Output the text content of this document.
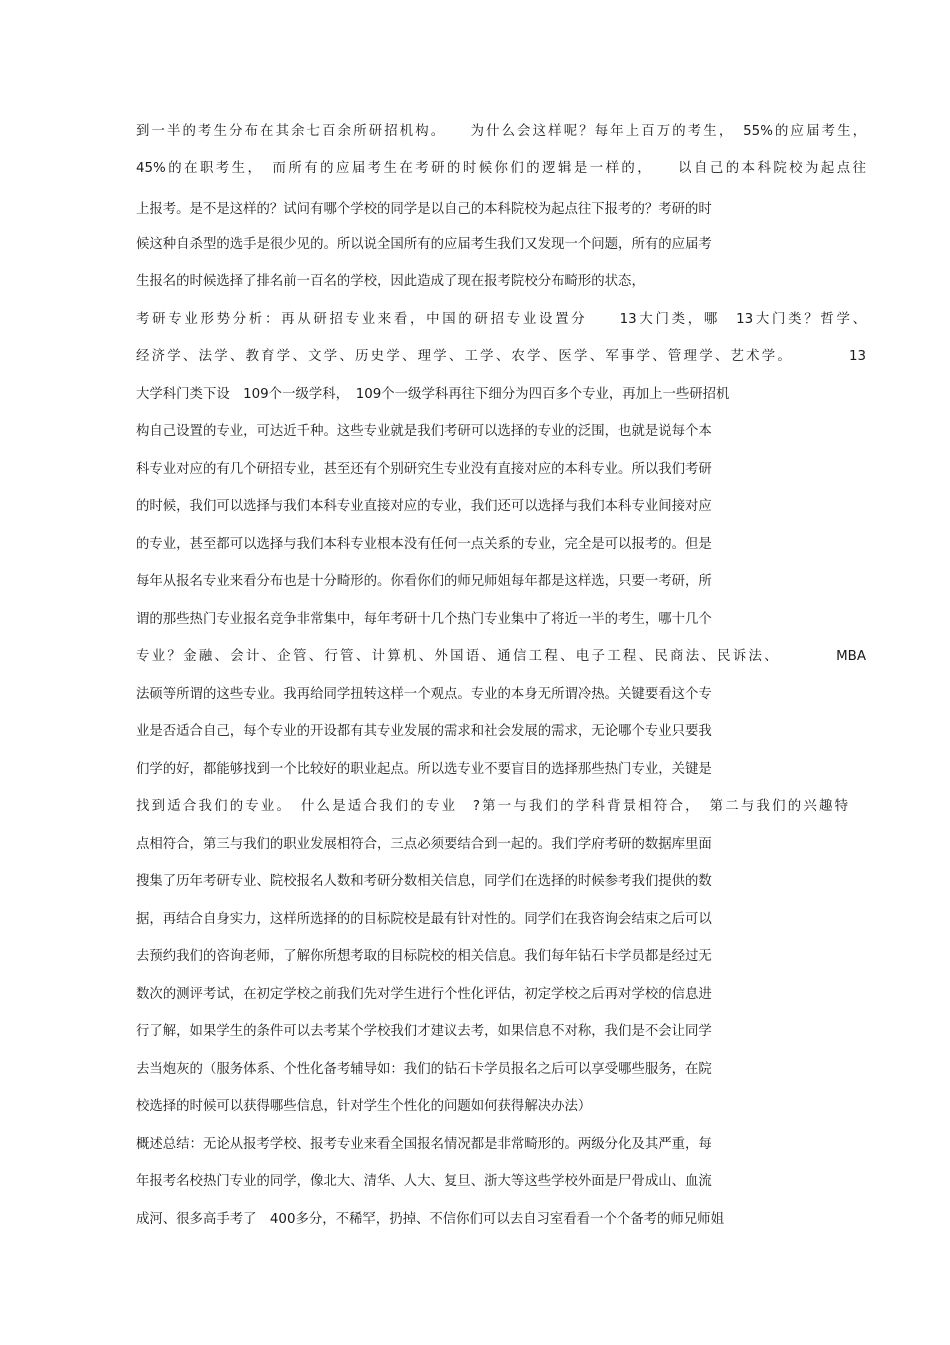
到一半的考生分布在其余七百余所研招机构。　　为什么会这样呢？每年上百万的考生，　55%的应届考生，
45%的在职考生，　而所有的应届考生在考研的时候你们的逻辑是一样的，　　以自己的本科院校为起点往
上报考。是不是这样的？试问有哪个学校的同学是以自己的本科院校为起点往下报考的？考研的时
候这种自杀型的选手是很少见的。所以说全国所有的应届考生我们又发现一个问题，所有的应届考
生报名的时候选择了排名前一百名的学校，因此造成了现在报考院校分布畸形的状态，
考研专业形势分析：再从研招专业来看，中国的研招专业设置分　　13大门类，哪　13大门类？哲学、
经济学、法学、教育学、文学、历史学、理学、工学、农学、医学、军事学、管理学、艺术学。　　　　13
大学科门类下设　109个一级学科，　109个一级学科再往下细分为四百多个专业，再加上一些研招机
构自己设置的专业，可达近千种。这些专业就是我们考研可以选择的专业的泛围，也就是说每个本
科专业对应的有几个研招专业，甚至还有个别研究生专业没有直接对应的本科专业。所以我们考研
的时候，我们可以选择与我们本科专业直接对应的专业，我们还可以选择与我们本科专业间接对应
的专业，甚至都可以选择与我们本科专业根本没有任何一点关系的专业，完全是可以报考的。但是
每年从报名专业来看分布也是十分畸形的。你看你们的师兄师姐每年都是这样选，只要一考研，所
谓的那些热门专业报名竞争非常集中，每年考研十几个热门专业集中了将近一半的考生，哪十几个
专业？金融、会计、企管、行管、计算机、外国语、通信工程、电子工程、民商法、民诉法、　　　　MBA
法硕等所谓的这些专业。我再给同学扭转这样一个观点。专业的本身无所谓冷热。关键要看这个专
业是否适合自己，每个专业的开设都有其专业发展的需求和社会发展的需求，无论哪个专业只要我
们学的好，都能够找到一个比较好的职业起点。所以选专业不要盲目的选择那些热门专业，关键是
找到适合我们的专业。　什么是适合我们的专业　?第一与我们的学科背景相符合，　第二与我们的兴趣特
点相符合，第三与我们的职业发展相符合，三点必须要结合到一起的。我们学府考研的数据库里面
搜集了历年考研专业、院校报名人数和考研分数相关信息，同学们在选择的时候参考我们提供的数
据，再结合自身实力，这样所选择的的目标院校是最有针对性的。同学们在我咨询会结束之后可以
去预约我们的咨询老师，了解你所想考取的目标院校的相关信息。我们每年钻石卡学员都是经过无
数次的测评考试，在初定学校之前我们先对学生进行个性化评估，初定学校之后再对学校的信息进
行了解，如果学生的条件可以去考某个学校我们才建议去考，如果信息不对称，我们是不会让同学
去当炮灰的（服务体系、个性化备考辅导如：我们的钻石卡学员报名之后可以享受哪些服务，在院
校选择的时候可以获得哪些信息，针对学生个性化的问题如何获得解决办法）
概述总结：无论从报考学校、报考专业来看全国报名情况都是非常畸形的。两级分化及其严重，每
年报考名校热门专业的同学，像北大、清华、人大、复旦、浙大等这些学校外面是尸骨成山、血流
成河、很多高手考了　400多分，不稀罕，扔掉、不信你们可以去自习室看看一个个备考的师兄师姐
